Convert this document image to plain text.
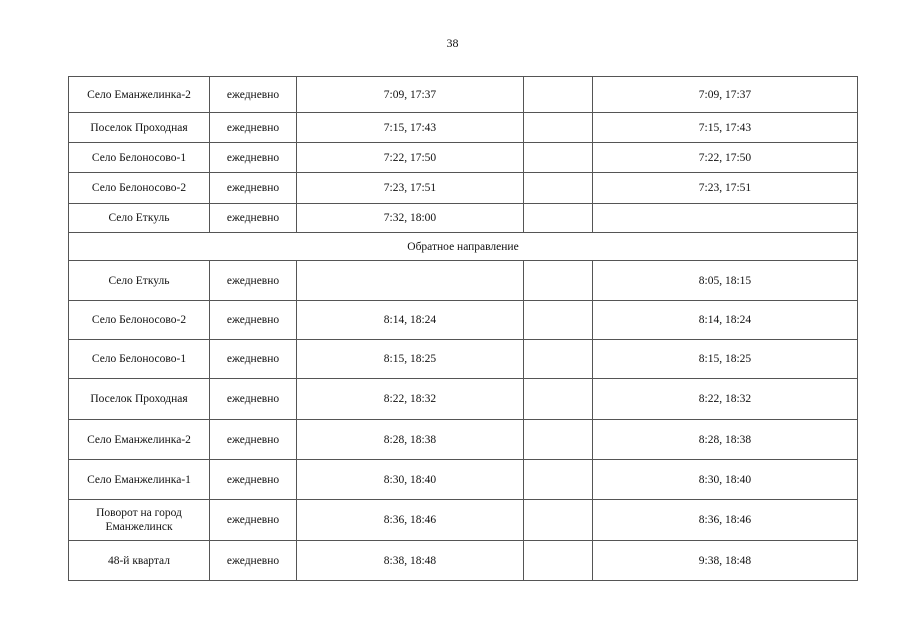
38
Село Еманжелинка-2	ежедневно	7:09, 17:37		7:09, 17:37
Поселок Проходная	ежедневно	7:15, 17:43		7:15, 17:43
Село Белоносово-1	ежедневно	7:22, 17:50		7:22, 17:50
Село Белоносово-2	ежедневно	7:23, 17:51		7:23, 17:51
Село Еткуль	ежедневно	7:32, 18:00		
Обратное направление				
Село Еткуль	ежедневно			8:05, 18:15
Село Белоносово-2	ежедневно	8:14, 18:24		8:14, 18:24
Село Белоносово-1	ежедневно	8:15, 18:25		8:15, 18:25
Поселок Проходная	ежедневно	8:22, 18:32		8:22, 18:32
Село Еманжелинка-2	ежедневно	8:28, 18:38		8:28, 18:38
Село Еманжелинка-1	ежедневно	8:30, 18:40		8:30, 18:40
Поворот на город Еманжелинск	ежедневно	8:36, 18:46		8:36, 18:46
48-й квартал	ежедневно	8:38, 18:48		9:38, 18:48
